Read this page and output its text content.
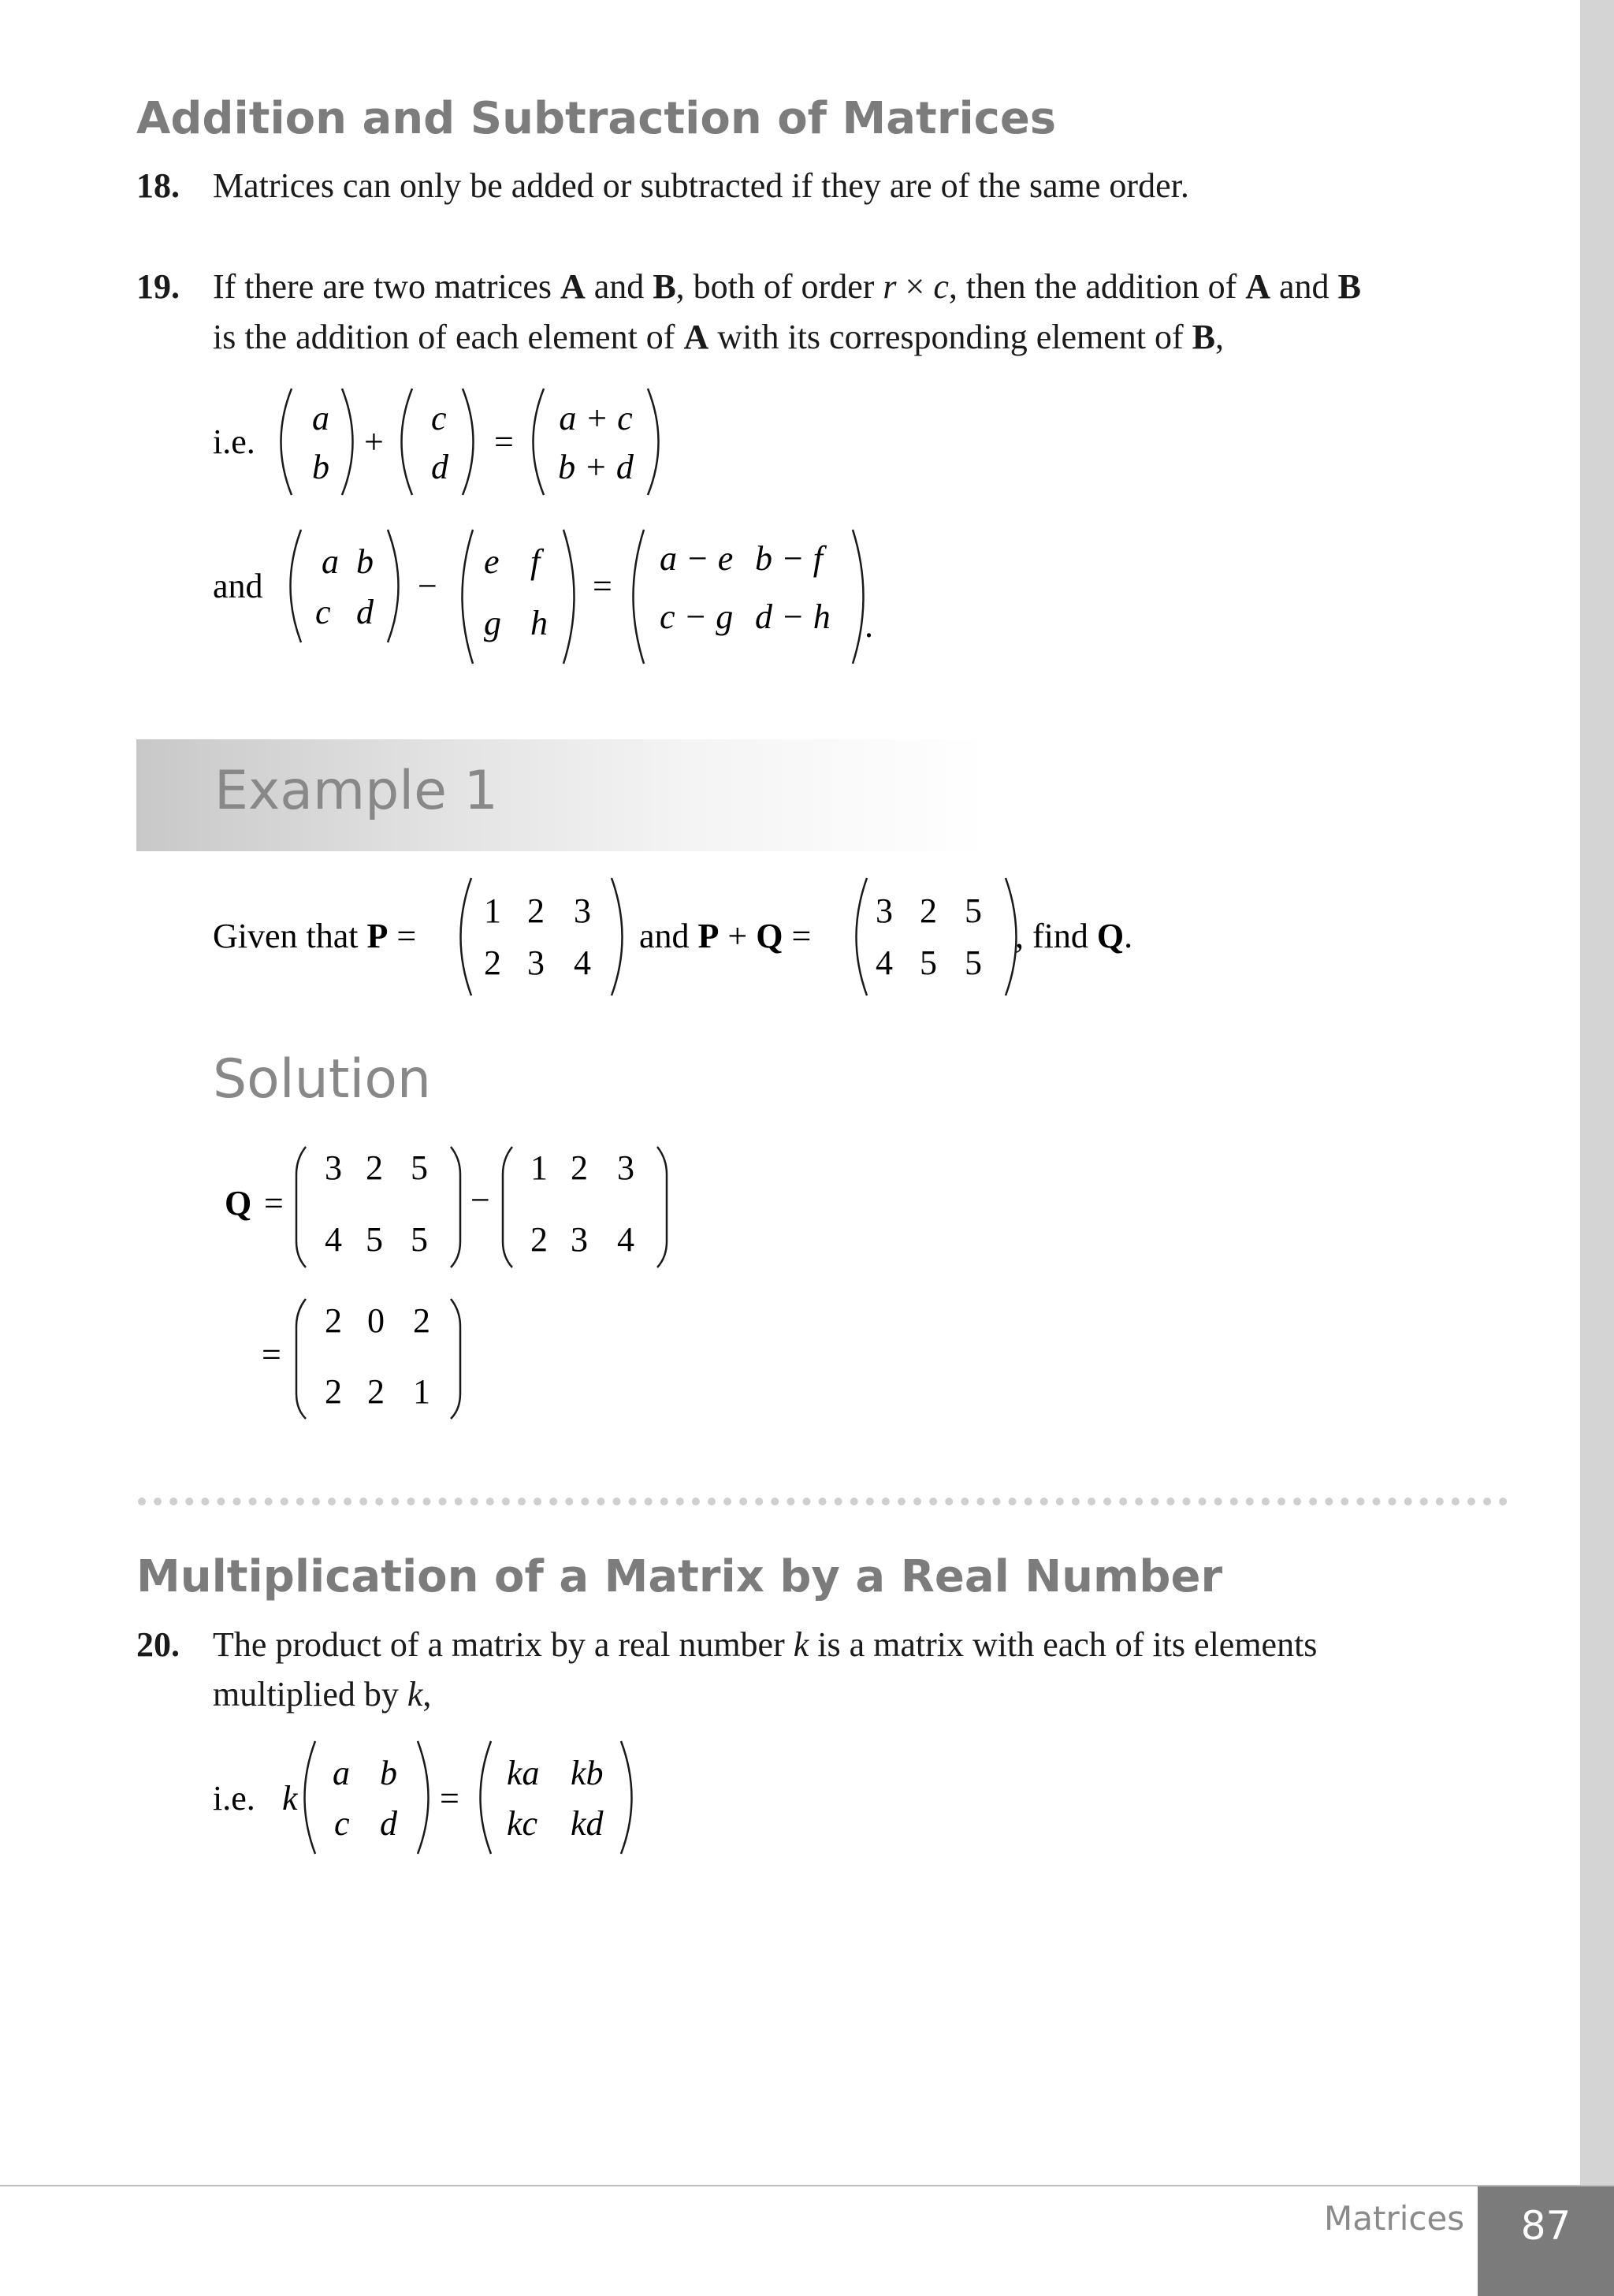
Addition and Subtraction of Matrices
18. Matrices can only be added or subtracted if they are of the same order.
19. If there are two matrices A and B, both of order r × c, then the addition of A and B
is the addition of each element of A with its corresponding element of B,
i.e.
a
b
+
c
d
=
a + c
b + d
and
a b
c d
−
e f
g h
=
a − e b − f
c − g d − h .
Example 1
Given that P =
1 2 3
2 3 4
and P + Q =
3 2 5
4 5 5
, find Q.
Solution
Q =
3 2 5
4 5 5
−
1 2 3
2 3 4
=
2 0 2
2 2 1
Multiplication of a Matrix by a Real Number
20. The product of a matrix by a real number k is a matrix with each of its elements
multiplied by k,
i.e. k
a b
c d
=
ka kb
kc kd
Matrices	87
